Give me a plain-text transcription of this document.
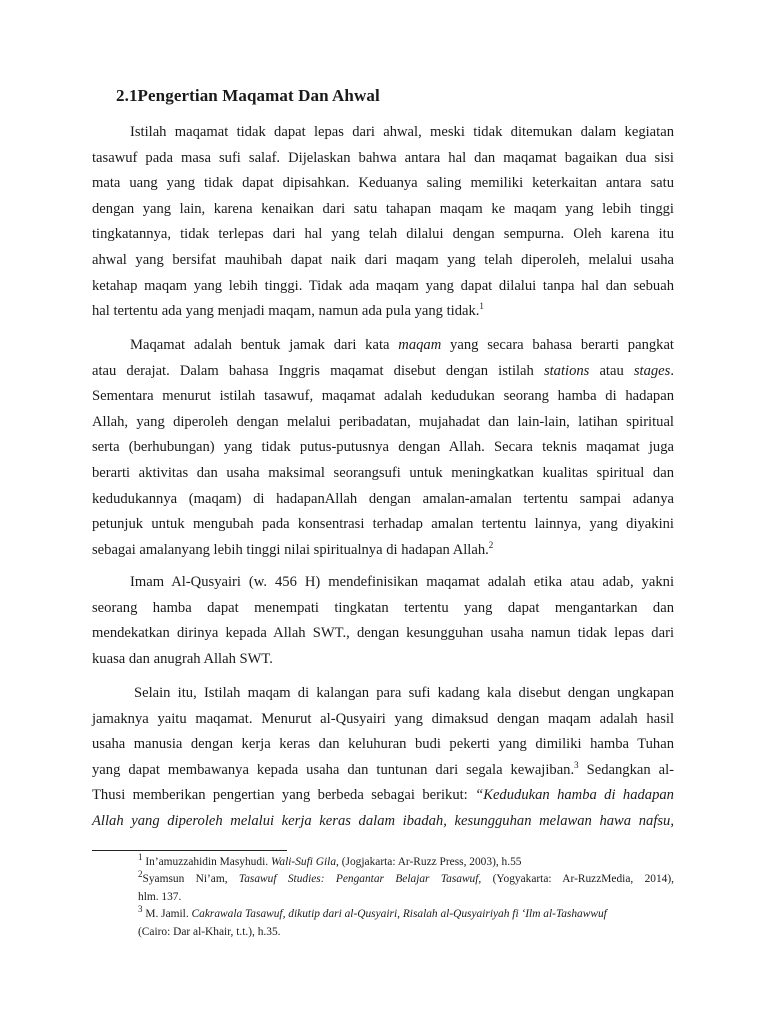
2.1Pengertian Maqamat Dan Ahwal

Istilah maqamat tidak dapat lepas dari ahwal, meski tidak ditemukan dalam kegiatan
tasawuf pada masa sufi salaf. Dijelaskan bahwa antara hal dan maqamat bagaikan dua sisi
mata uang yang tidak dapat dipisahkan. Keduanya saling memiliki keterkaitan antara satu
dengan yang lain, karena kenaikan dari satu tahapan maqam ke maqam yang lebih tinggi
tingkatannya, tidak terlepas dari hal yang telah dilalui dengan sempurna. Oleh karena itu
ahwal yang bersifat mauhibah dapat naik dari maqam yang telah diperoleh, melalui usaha
ketahap maqam yang lebih tinggi. Tidak ada maqam yang dapat dilalui tanpa hal dan sebuah
hal tertentu ada yang menjadi maqam, namun ada pula yang tidak.$^1$

Maqamat adalah bentuk jamak dari kata maqam yang secara bahasa berarti pangkat
atau derajat. Dalam bahasa Inggris maqamat disebut dengan istilah stations atau stages.
Sementara menurut istilah tasawuf, maqamat adalah kedudukan seorang hamba di hadapan
Allah, yang diperoleh dengan melalui peribadatan, mujahadat dan lain-lain, latihan spiritual
serta (berhubungan) yang tidak putus-putusnya dengan Allah. Secara teknis maqamat juga
berarti aktivitas dan usaha maksimal seorangsufi untuk meningkatkan kualitas spiritual dan
kedudukannya (maqam) di hadapanAllah dengan amalan-amalan tertentu sampai adanya
petunjuk untuk mengubah pada konsentrasi terhadap amalan tertentu lainnya, yang diyakini
sebagai amalanyang lebih tinggi nilai spiritualnya di hadapan Allah.$^2$

Imam Al-Qusyairi (w. 456 H) mendefinisikan maqamat adalah etika atau adab, yakni
seorang hamba dapat menempati tingkatan tertentu yang dapat mengantarkan dan
mendekatkan dirinya kepada Allah SWT., dengan kesungguhan usaha namun tidak lepas dari
kuasa dan anugrah Allah SWT.

Selain itu, Istilah maqam di kalangan para sufi kadang kala disebut dengan ungkapan
jamaknya yaitu maqamat. Menurut al-Qusyairi yang dimaksud dengan maqam adalah hasil
usaha manusia dengan kerja keras dan keluhuran budi pekerti yang dimiliki hamba Tuhan
yang dapat membawanya kepada usaha dan tuntunan dari segala kewajiban.$^3$ Sedangkan al-
Thusi memberikan pengertian yang berbeda sebagai berikut: “Kedudukan hamba di hadapan
Allah yang diperoleh melalui kerja keras dalam ibadah, kesungguhan melawan hawa nafsu,

$^1$ In’amuzzahidin Masyhudi. Wali-Sufi Gila, (Jogjakarta: Ar-Ruzz Press, 2003), h.55
$^2$Syamsun Ni’am, Tasawuf Studies: Pengantar Belajar Tasawuf, (Yogyakarta: Ar-RuzzMedia, 2014),
hlm. 137.
$^3$ M. Jamil. Cakrawala Tasawuf, dikutip dari al-Qusyairi, Risalah al-Qusyairiyah fi ‘Ilm al-Tashawwuf
(Cairo: Dar al-Khair, t.t.), h.35.
